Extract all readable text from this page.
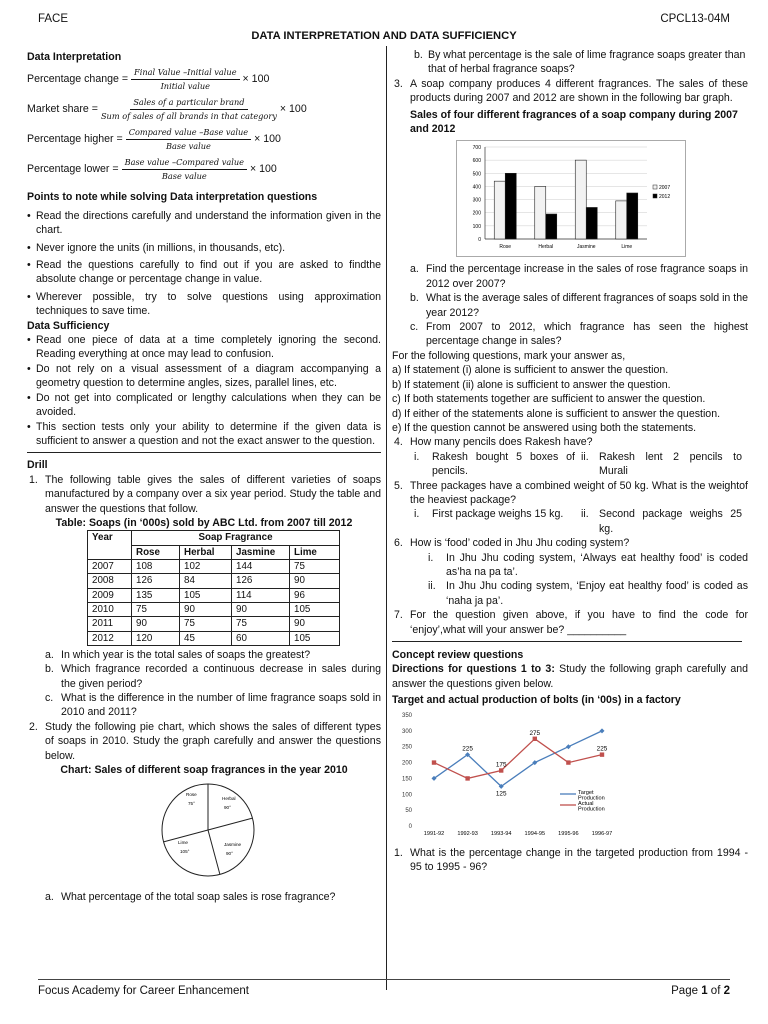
FACE	CPCL13-04M
DATA INTERPRETATION AND DATA SUFFICIENCY
Data Interpretation
Percentage change = $\frac{\text{Final Value –Initial value}}{\text{Initial value}} \times 100$
Market share = $\frac{\text{Sales of a particular brand}}{\text{Sum of sales of all brands in that category}} \times 100$
Percentage higher = $\frac{\text{Compared value –Base value}}{\text{Base value}} \times 100$
Percentage lower = $\frac{\text{Base value –Compared value}}{\text{Base value}} \times 100$
Points to note while solving Data interpretation questions
• Read the directions carefully and understand the information given in the chart.
• Never ignore the units (in millions, in thousands, etc).
• Read the questions carefully to find out if you are asked to findthe absolute change or percentage change in value.
• Wherever possible, try to solve questions using approximation techniques to save time.
Data Sufficiency
• Read one piece of data at a time completely ignoring the second. Reading everything at once may lead to confusion.
• Do not rely on a visual assessment of a diagram accompanying a geometry question to determine angles, sizes, parallel lines, etc.
• Do not get into complicated or lengthy calculations when they can be avoided.
• This section tests only your ability to determine if the given data is sufficient to answer a question and not the exact answer to the question.
Drill
1. The following table gives the sales of different varieties of soaps manufactured by a company over a six year period. Study the table and answer the questions that follow.
Table: Soaps (in ‘000s) sold by ABC Ltd. from 2007 till 2012
Year	Soap Fragrance			
	Rose	Herbal	Jasmine	Lime
2007	108	102	144	75
2008	126	84	126	90
2009	135	105	114	96
2010	75	90	90	105
2011	90	75	75	90
2012	120	45	60	105
a. In which year is the total sales of soaps the greatest?
b. Which fragrance recorded a continuous decrease in sales during the given period?
c. What is the difference in the number of lime fragrance soaps sold in 2010 and 2011?
2. Study the following pie chart, which shows the sales of different types of soaps in 2010. Study the graph carefully and answer the questions below.
Chart: Sales of different soap fragrances in the year 2010
Rose
75°
Herbal
90°
Jasmine
90°
Lime
105°
a. What percentage of the total soap sales is rose fragrance?
b. By what percentage is the sale of lime fragrance soaps greater than that of herbal fragrance soaps?
3. A soap company produces 4 different fragrances. The sales of these products during 2007 and 2012 are shown in the following bar graph.
Sales of four different fragrances of a soap company during 2007 and 2012
0
100
200
300
400
500
600
700
Rose	Herbal	Jasmine	Lime
2007
2012
a. Find the percentage increase in the sales of rose fragrance soaps in 2012 over 2007?
b. What is the average sales of different fragrances of soaps sold in the year 2012?
c. From 2007 to 2012, which fragrance has seen the highest percentage change in sales?
For the following questions, mark your answer as,
a) If statement (i) alone is sufficient to answer the question.
b) If statement (ii) alone is sufficient to answer the question.
c) If both statements together are sufficient to answer the question.
d) If either of the statements alone is sufficient to answer the question.
e) If the question cannot be answered using both the statements.
4. How many pencils does Rakesh have?
i. Rakesh bought 5 boxes of pencils.
ii. Rakesh lent 2 pencils to Murali
5. Three packages have a combined weight of 50 kg. What is the weightof the heaviest package?
i. First package weighs 15 kg.	ii. Second package weighs 25 kg.
6. How is ‘food’ coded in Jhu Jhu coding system?
i. In Jhu Jhu coding system, ‘Always eat healthy food’ is coded as’ha na pa ta’.
ii. In Jhu Jhu coding system, ‘Enjoy eat healthy food’ is coded as ‘naha ja pa’.
7. For the question given above, if you have to find the code for ‘enjoy’,what will your answer be? __________
Concept review questions
Directions for questions 1 to 3: Study the following graph carefully and answer the questions given below.
Target and actual production of bolts (in ‘00s) in a factory
0
50
100
150
200
250
300
350
1991-92 1992-93 1993-94 1994-95 1995-96 1996-97
225
175
125
275
225
Target
Production
Actual
Production
1. What is the percentage change in the targeted production from 1994 - 95 to 1995 - 96?
Focus Academy for Career Enhancement	Page 1 of 2
